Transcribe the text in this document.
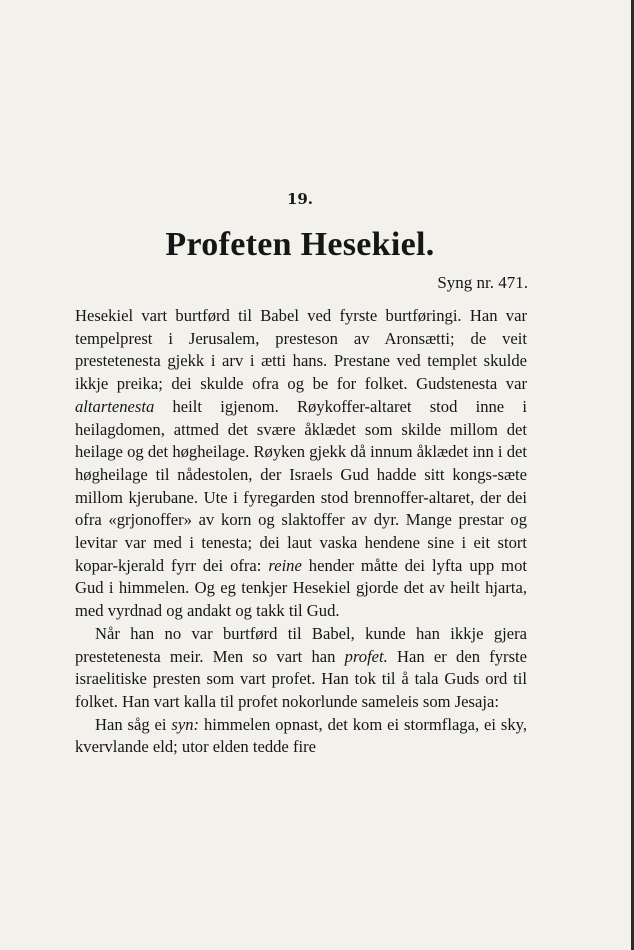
19.
Profeten Hesekiel.
Syng nr. 471.

Hesekiel vart burtførd til Babel ved fyrste burtføringi. Han var tempelprest i Jerusalem, presteson av Aronsætti; de veit prestetenesta gjekk i arv i ætti hans. Prestane ved templet skulde ikkje preika; dei skulde ofra og be for folket. Gudstenesta var altartenesta heilt igjenom. Røykoffer-altaret stod inne i heilagdomen, attmed det svære åklædet som skilde millom det heilage og det høgheilage. Røyken gjekk då innum åklædet inn i det høgheilage til nådestolen, der Israels Gud hadde sitt kongs-sæte millom kjerubane. Ute i fyregarden stod brennoffer-altaret, der dei ofra «grjonoffer» av korn og slaktoffer av dyr. Mange prestar og levitar var med i tenesta; dei laut vaska hendene sine i eit stort kopar-kjerald fyrr dei ofra: reine hender måtte dei lyfta upp mot Gud i himmelen. Og eg tenkjer Hesekiel gjorde det av heilt hjarta, med vyrdnad og andakt og takk til Gud.

Når han no var burtførd til Babel, kunde han ikkje gjera prestetenesta meir. Men so vart han profet. Han er den fyrste israelitiske presten som vart profet. Han tok til å tala Guds ord til folket. Han vart kalla til profet nokorlunde sameleis som Jesaja:

Han såg ei syn: himmelen opnast, det kom ei stormflaga, ei sky, kvervlande eld; utor elden tedde fire
